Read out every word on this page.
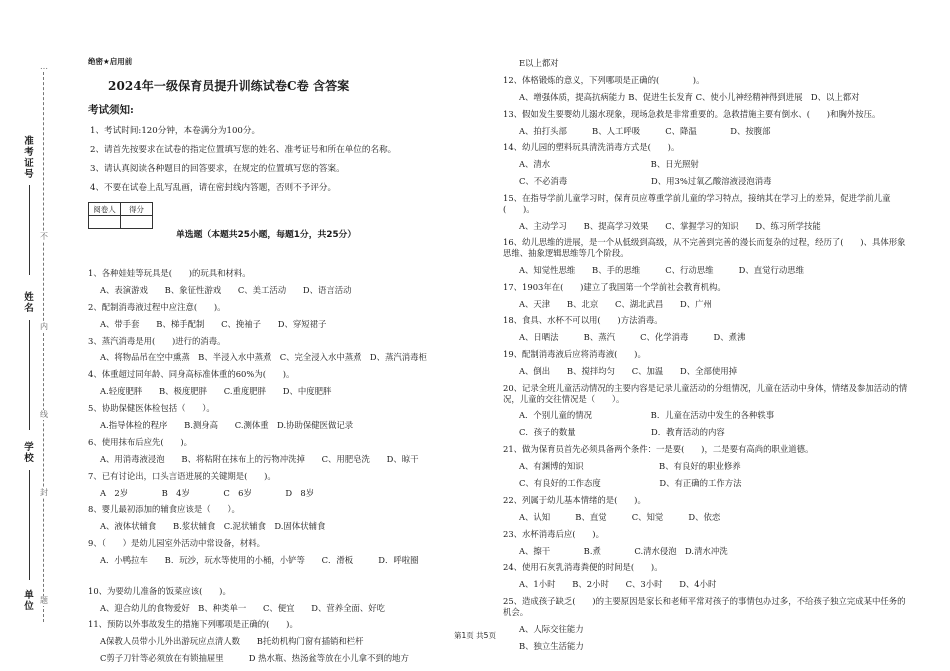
准考证号
姓名
学校
单位
…
不
内
线
封
题
绝密★启用前
2024年一级保育员提升训练试卷C卷 含答案
考试须知:
1、考试时间:120分钟，本卷满分为100分。
2、请首先按要求在试卷的指定位置填写您的姓名、准考证号和所在单位的名称。
3、请认真阅读各种题目的回答要求，在规定的位置填写您的答案。
4、不要在试卷上乱写乱画，请在密封线内答题，否则不予评分。
阅卷人	得分

单选题（本题共25小题，每题1分，共25分）
1、各种娃娃等玩具是(　　)的玩具和材料。
A、表演游戏　　B、象征性游戏　　C、美工活动　　D、语言活动
2、配制消毒液过程中应注意(　　)。
A、带手套　　B、梯手配制　　C、挽袖子　　D、穿短裙子
3、蒸汽消毒是用(　　)进行的消毒。
A、将物品吊在空中熏蒸　B、半浸入水中蒸煮　C、完全浸入水中蒸煮　D、蒸汽消毒柜
4、体重超过同年龄、同身高标准体重的60%为(　　)。
A.轻度肥胖　　B、极度肥胖　　C.重度肥胖　　D、中度肥胖
5、协助保健医体检包括（　　）。
A.指导体检的程序　　B.测身高　　C.测体重　D.协助保健医做记录
6、使用抹布后应先(　　)。
A、用消毒液浸泡　　B、将粘附在抹布上的污物冲洗掉　　C、用肥皂洗　　D、晾干
7、已有讨论出，口头言语进展的关键期是(　　)。
A　2岁　　　　B　4岁　　　　C　6岁　　　　D　8岁
8、婴儿最初添加的辅食应该是（　　）。
A、液体状辅食　　B.浆状辅食　C.泥状辅食　D.固体状辅食
9、（　　）是幼儿园室外活动中常设备，材料。
A．小鸭拉车　　B．玩沙，玩水等使用的小桶，小铲等　　C．滑板　　　D．呼啦圈
10、为要幼儿准备的饭菜应该(　　)。
A、迎合幼儿的食物爱好　B、种类单一　　C、便宜　　D、营养全面、好吃
11、预防以外事故发生的措施下列哪项是正确的(　　)。
A保教人员带小儿外出游玩应点清人数　　B托幼机构门窗有插销和栏杆
C剪子刀针等必须放在有锁抽屉里　　　D 热水瓶、热汤盆等放在小儿拿不到的地方
E以上都对
12、体格锻炼的意义，下列哪项是正确的(　　　　)。
A、增强体质，提高抗病能力 B、促进生长发育 C、使小儿神经精神得到进展　D、以上都对
13、假如发生要婴幼儿溺水现象，现场急救是非常重要的。急救措施主要有倒水、(　　)和胸外按压。
A、拍打头部　　　B、人工呼吸　　　C、降温　　　　D、按腹部
14、幼儿园的塑料玩具清洗消毒方式是(　　)。
A、清水　　　　　　　　　　　　B、日光照射
C、不必消毒　　　　　　　　　　D、用3%过氧乙酸溶液浸泡消毒
15、在指导学前儿童学习时，保育员应尊重学前儿童的学习特点，接纳其在学习上的差异，促进学前儿童(　　)。
A、主动学习　　B、提高学习效果　　C、掌握学习的知识　　D、练习所学技能
16、幼儿思维的进展，是一个从低级到高级，从不完善到完善的漫长而复杂的过程，经历了(　　)、具体形象思维、抽象逻辑思维等几个阶段。
A、知觉性思维　　B、手的思维　　　C、行动思维　　　D、直觉行动思维
17、1903年在(　　)建立了我国第一个学前社会教育机构。
A、天津　　B、北京　　C、湖北武昌　　D、广州
18、食具、水杯不可以用(　　)方法消毒。
A、日晒法　　　B、蒸汽　　　C、化学消毒　　　D、煮沸
19、配制消毒液后应将消毒液(　　)。
A、倒出　　B、搅拌均匀　　C、加温　　D、全部使用掉
20、记录全班儿童活动情况的主要内容是记录儿童活动的分组情况，儿童在活动中身体，情绪及参加活动的情况，儿童的交往情况是（　　）。
A．个别儿童的情况　　　　　　　B．儿童在活动中发生的各种轶事
C．孩子的数量　　　　　　　　　D．教育活动的内容
21、做为保育员首先必须具备两个条件：一是要(　　)，二是要有高尚的职业道德。
A、有渊博的知识　　　　　　　　　B、有良好的职业修养
C、有良好的工作态度　　　　　　　D、有正确的工作方法
22、列属于幼儿基本情绪的是(　　)。
A、认知　　　B、直觉　　　C、知觉　　　D、依恋
23、水杯消毒后应(　　)。
A、擦干　　　　B.煮　　　　C.清水侵泡　D.清水冲洗
24、使用石灰乳消毒粪便的时间是(　　)。
A、1小时　　B、2小时　　C、3小时　　D、4小时
25、造成孩子缺乏(　　)的主要原因是家长和老师平常对孩子的事情包办过多，不给孩子独立完成某中任务的机会。
A、人际交往能力
B、独立生活能力
第1页 共5页
